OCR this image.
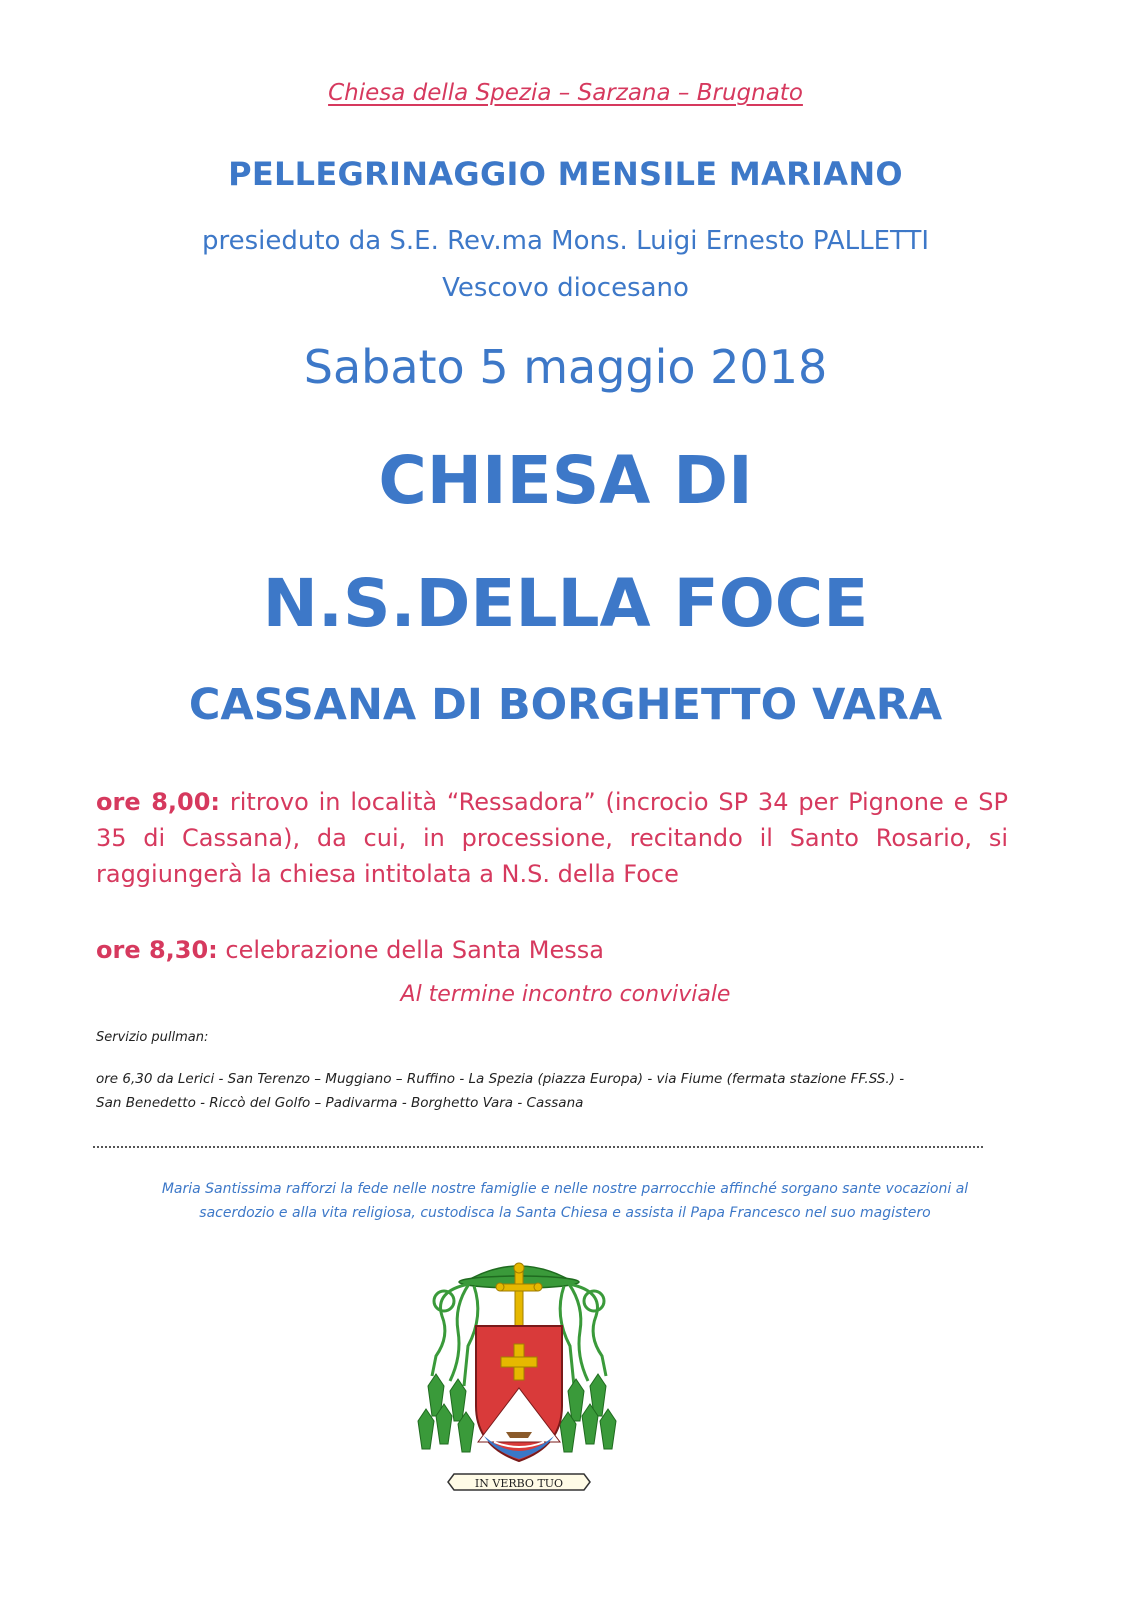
Chiesa della Spezia – Sarzana – Brugnato
PELLEGRINAGGIO MENSILE MARIANO
presieduto da S.E. Rev.ma Mons. Luigi Ernesto PALLETTI
Vescovo diocesano
Sabato 5 maggio 2018
CHIESA DI
N.S.DELLA FOCE
CASSANA DI BORGHETTO VARA
ore 8,00: ritrovo in località “Ressadora” (incrocio SP 34 per Pignone e SP
35 di Cassana), da cui, in processione, recitando il Santo Rosario, si
raggiungerà la chiesa intitolata a N.S. della Foce
ore 8,30: celebrazione della Santa Messa
Al termine incontro conviviale
Servizio pullman:
ore 6,30 da Lerici - San Terenzo – Muggiano – Ruffino - La Spezia (piazza Europa) - via Fiume (fermata stazione FF.SS.) -
San Benedetto - Riccò del Golfo – Padivarma - Borghetto Vara - Cassana
Maria Santissima rafforzi la fede nelle nostre famiglie e nelle nostre parrocchie affinché sorgano sante vocazioni al
sacerdozio e alla vita religiosa, custodisca la Santa Chiesa e assista il Papa Francesco nel suo magistero
IN VERBO TUO
